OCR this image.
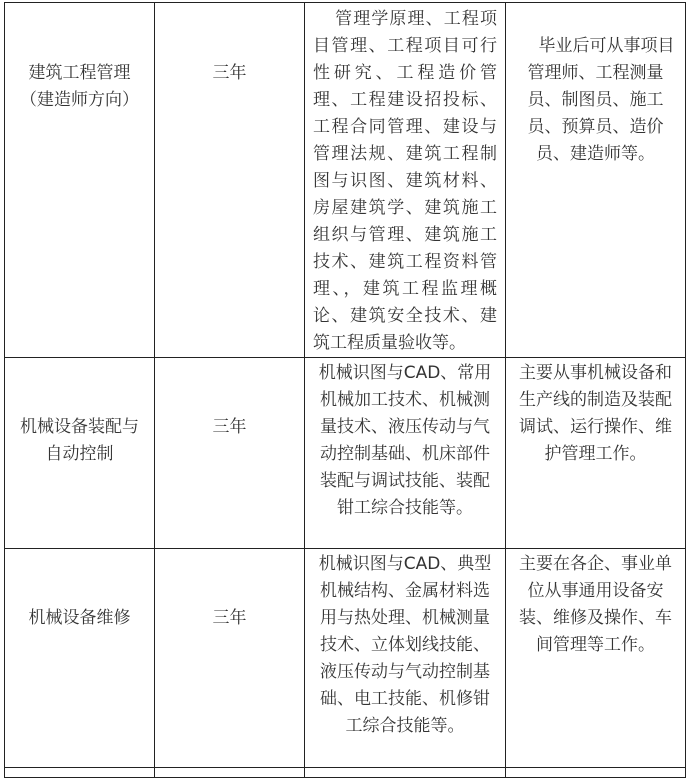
建筑工程管理（建造师方向）	三年	管理学原理、工程项目管理、工程项目可行性研究、工程造价管理、工程建设招投标、工程合同管理、建设与管理法规、建筑工程制图与识图、建筑材料、房屋建筑学、建筑施工组织与管理、建筑施工技术、建筑工程资料管理、，建筑工程监理概论、建筑安全技术、建筑工程质量验收等。	毕业后可从事项目管理师、工程测量员、制图员、施工员、预算员、造价员、建造师等。
机械设备装配与自动控制	三年	机械识图与CAD、常用机械加工技术、机械测量技术、液压传动与气动控制基础、机床部件装配与调试技能、装配钳工综合技能等。	主要从事机械设备和生产线的制造及装配调试、运行操作、维护管理工作。
机械设备维修	三年	机械识图与CAD、典型机械结构、金属材料选用与热处理、机械测量技术、立体划线技能、液压传动与气动控制基础、电工技能、机修钳工综合技能等。	主要在各企、事业单位从事通用设备安装、维修及操作、车间管理等工作。
